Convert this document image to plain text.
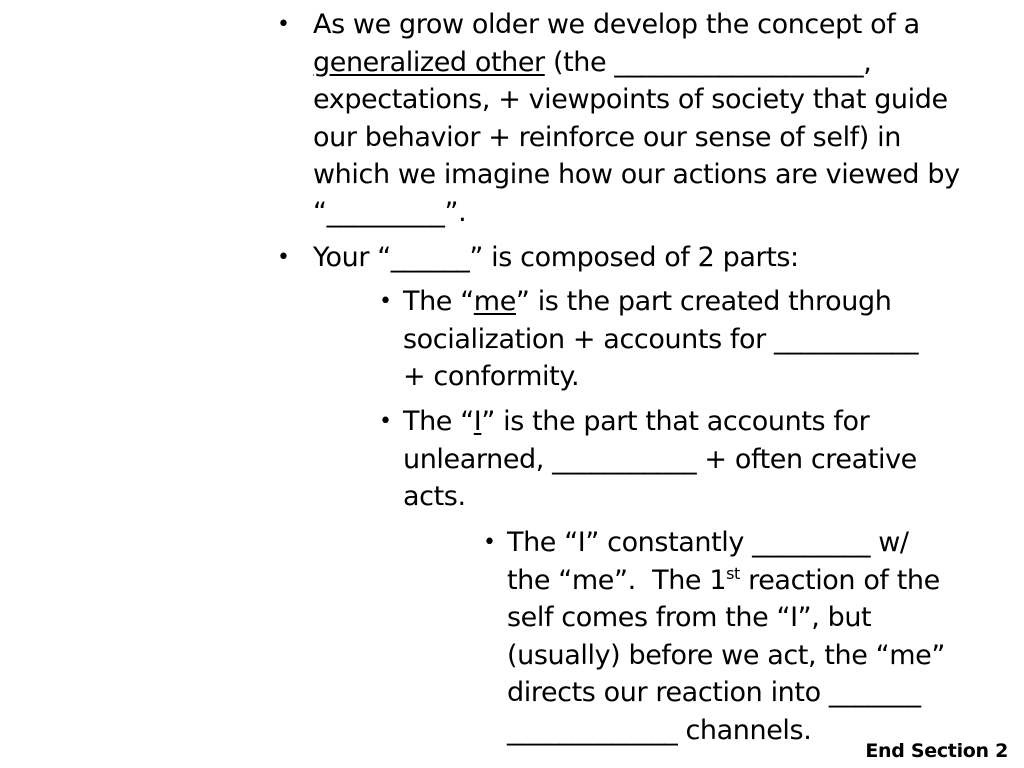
• As we grow older we develop the concept of a
generalized other (the ___________________,
expectations, + viewpoints of society that guide
our behavior + reinforce our sense of self) in
which we imagine how our actions are viewed by
“_________”.
• Your “______” is composed of 2 parts:
• The “me” is the part created through
socialization + accounts for ___________
+ conformity.
• The “I” is the part that accounts for
unlearned, ___________ + often creative
acts.
• The “I” constantly _________ w/
the “me”.  The 1st reaction of the
self comes from the “I”, but
(usually) before we act, the “me”
directs our reaction into _______
_____________ channels.
End Section 2
